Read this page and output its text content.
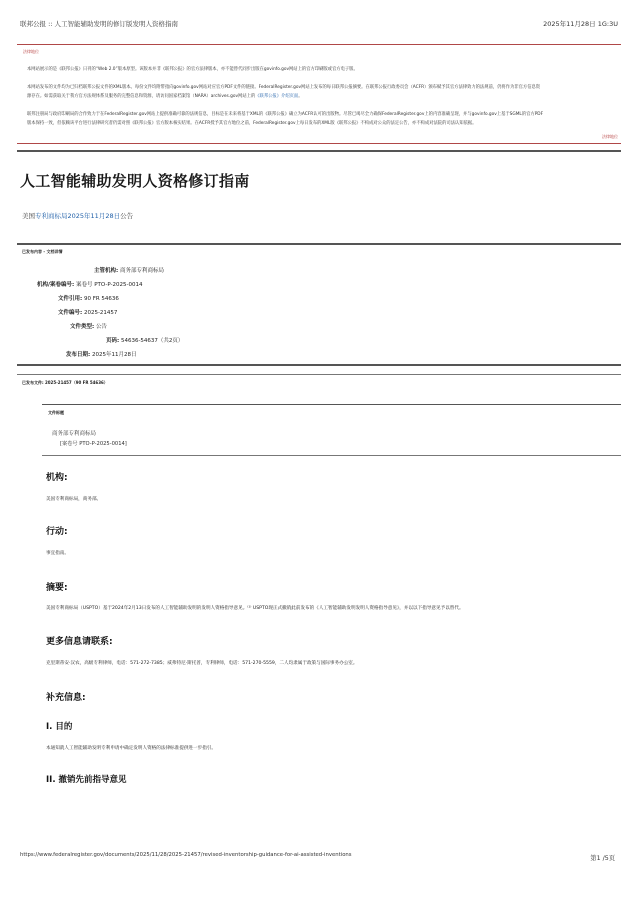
联邦公报 :: 人工智能辅助发明的修订版发明人资格指南	2025年11月28日 1G:3U
法律地位

本网站展示的是《联邦公报》日刊的“Web 2.0”版本原型。该版本并非《联邦公报》的官方法律版本，亦不能替代同步出版在govinfo.gov网站上的官方印刷版或官方电子版。

本网站发布的文件均为已归档联邦公报文件的XML版本。每份文件均附带指向govinfo.gov网站对应官方PDF文件的链接。FederalRegister.gov网站上发布的每日联邦公报摘要。在联邦公报行政委员会（ACFR）颁布赋予其官方法律效力的法规前，仍将作为非官方信息资
源存在。如需获取关于我方官方法规体系及服务的完整信息和资源，请访问国家档案馆（NARA）archives.gov网站上的《联邦公报》介绍页面。

联邦注册局与政府印刷局的合作致力于在FederalRegister.gov网站上提供准确可靠的法规信息，目标是在未来将基于XML的《联邦公报》确立为ACFR认可的出版物。尽管已竭尽全力确保FederalRegister.gov上的内容准确呈现，并与govinfo.gov上基于SGML的官方PDF
版本保持一致，但依赖该平台进行法律研究者仍需对照《联邦公报》官方版本核实结果。在ACFR授予其官方地位之前，FederalRegister.gov上每日发布的XML版《联邦公报》不构成对公众的法定公告，亦不构成对法院的司法认知依据。

法律地位
人工智能辅助发明人资格修订指南
美国专利商标局2025年11月28日公告
已发布内容 - 文档详情
主管机构: 商务部专利商标局
机构/案卷编号: 案卷号 PTO-P-2025-0014
文件引用: 90 FR 54636
文件编号: 2025-21457
文件类型: 公告
页码: 54636-54637（共2页）
发布日期: 2025年11月28日
已发布文件: 2025-21457（90 FR 54636）
文件标题
商务部专利商标局
[案卷号 PTO-P-2025-0014]
机构:
美国专利商标局，商务部。
行动:
事宜指南。
摘要:
美国专利商标局（USPTO）基于2024年2月13日发布的人工智能辅助发明的发明人资格指导意见。⁽¹⁾ USPTO现正式撤销此前发布的《人工智能辅助发明发明人资格指导意见》，并以以下指导意见予以替代。
更多信息请联系:
克里斯蒂安·汉农，高级专利律师，电话：571-272-7385；威弗特尼·斯托普，专利律师，电话：571-270-5559，二人均隶属于政策与国际事务办公室。
补充信息:
I. 目的
本通知就人工智能辅助发明专利申请中确定发明人资格的法律标准提供进一步指引。
II. 撤销先前指导意见
https://www.federalregister.gov/documents/2025/11/28/2025-21457/revised-inventorship-guidance-for-ai-assisted-inventions	第1 /5页
